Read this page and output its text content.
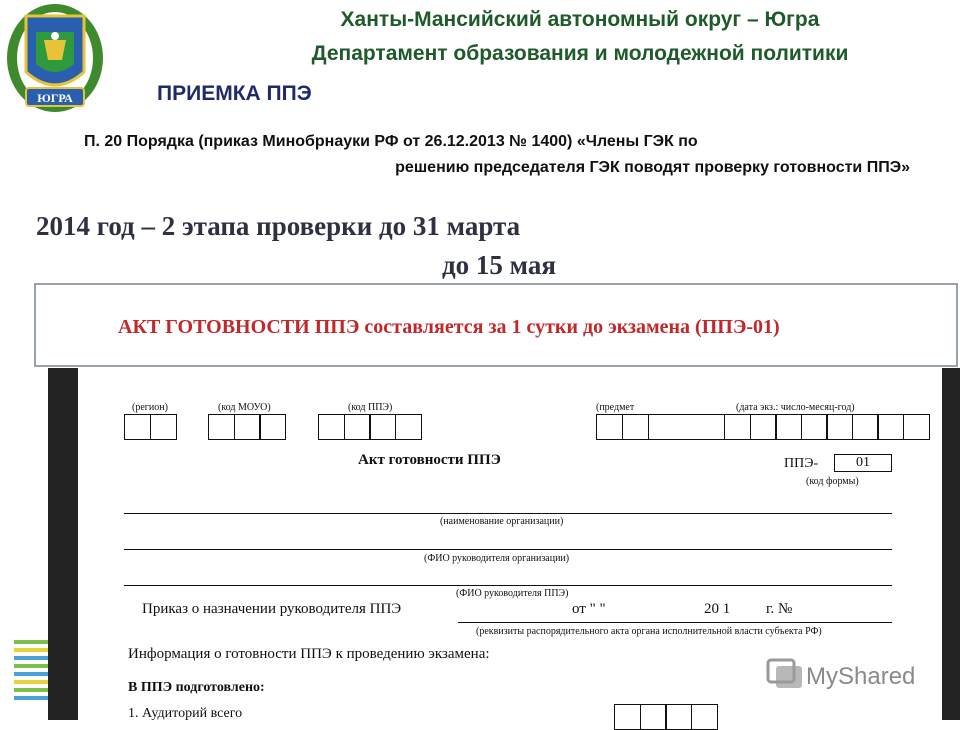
ЮГРА
Ханты-Мансийский автономный округ – Югра
Департамент образования и молодежной политики
ПРИЕМКА ППЭ
П. 20 Порядка (приказ Минобрнауки РФ от 26.12.2013 № 1400) «Члены ГЭК по
решению председателя ГЭК поводят проверку готовности ППЭ»
2014 год – 2 этапа проверки до 31 марта
до 15 мая
(регион)	(код МОУО)	(код ППЭ)	(предмет	(дата экз.: число-месяц-год)
Акт готовности ППЭ	ППЭ-	01
(код формы)
(наименование организации)
(ФИО руководителя организации)
(ФИО руководителя ППЭ)
Приказ о назначении руководителя ППЭ	от " "	20 1 г. №
(реквизиты распорядительного акта органа исполнительной власти субъекта РФ)
Информация о готовности ППЭ к проведению экзамена:
В ППЭ подготовлено:
1. Аудиторий всего
АКТ ГОТОВНОСТИ ППЭ составляется за 1 сутки до экзамена (ППЭ-01)
MyShared
